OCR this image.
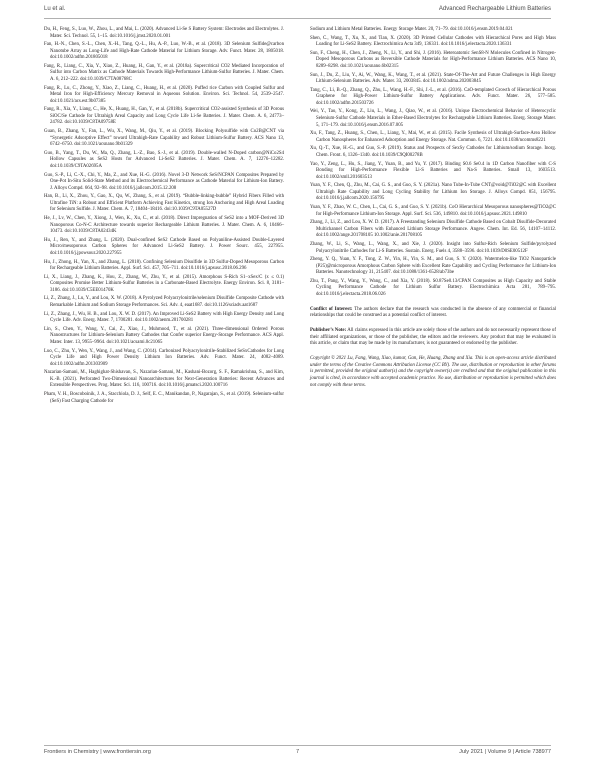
Lu et al.	Advanced Rechargeable Lithium Batteries

Du, H., Feng, S., Luo, W., Zhou, L., and Mai, L. (2020). Advanced Li-Se S Battery System: Electrodes and Electrolytes. J. Mater. Sci. Technol. 55, 1–15. doi:10.1016/j.jmst.2020.01.001

Fan, H.-N., Chen, S.-L., Chen, X.-H., Tang, Q.-L., Hu, A.-P., Luo, W.-B., et al. (2018). 3D Selenium Sulfide@carbon Nanotube Array as Long-Life and High-Rate Cathode Material for Lithium Storage. Adv. Funct. Mater. 28, 1805018. doi:10.1002/adfm.201805018

Fang, R., Liang, C., Xia, Y., Xiao, Z., Huang, H., Gan, Y., et al. (2018a). Supercritical CO2 Mediated Incorporation of Sulfur into Carbon Matrix as Cathode Materials Towards High-Performance Lithium-Sulfur Batteries. J. Mater. Chem. A. 6, 212–222. doi:10.1039/C7TA08768C

Fang, R., Lu, C., Zhong, Y., Xiao, Z., Liang, C., Huang, H., et al. (2020). Puffed rice Carbon with Coupled Sulfur and Metal Iron for High-Efficiency Mercury Removal in Aqueous Solution. Environ. Sci. Technol. 54, 2539–2547. doi:10.1021/acs.est.9b07385

Fang, R., Xia, Y., Liang, C., He, X., Huang, H., Gan, Y., et al. (2018b). Supercritical CO2-assisted Synthesis of 3D Porous SiOC/Se Cathode for Ultrahigh Areal Capacity and Long Cycle Life Li-Se Batteries. J. Mater. Chem. A. 6, 24773–24782. doi:10.1039/C8TA09758E

Guan, B., Zhang, Y., Fan, L., Wu, X., Wang, M., Qiu, Y., et al. (2019). Blocking Polysulfide with Co2B@CNT via “Synergetic Adsorptive Effect” toward Ultrahigh-Rate Capability and Robust Lithium-Sulfur Battery. ACS Nano 13, 6742–6750. doi:10.1021/acsnano.9b01329

Guo, B., Yang, T., Du, W., Ma, Q., Zhang, L.-Z., Bao, S.-J., et al. (2019). Double-walled N-Doped carbon@NiCo2S4 Hollow Capsules as SeS2 Hosts for Advanced Li-SeS2 Batteries. J. Mater. Chem. A. 7, 12276–12282. doi:10.1039/C9TA02695A

Guo, S.-P., Li, C.-X., Chi, Y., Ma, Z., and Xue, H.-G. (2016). Novel 3-D Network SeS/NCPAN Composites Prepared by One-Pot In-Situ Solid-State Method and its Electrochemical Performance as Cathode Material for Lithium-Ion Battery. J. Alloys Compd. 664, 92–98. doi:10.1016/j.jallcom.2015.12.208

Han, B., Li, X., Zhou, Y., Gao, X., Qu, W., Zhang, S., et al. (2019). “Bubble-linking-bubble” Hybrid Fibers Filled with Ultrafine TiN: a Robust and Efficient Platform Achieving Fast Kinetics, strong Ion Anchoring and High Areal Loading for Selenium Sulfide. J. Mater. Chem. A. 7, 18404–18416. doi:10.1039/C9TA05527D

He, J., Lv, W., Chen, Y., Xiong, J., Wen, K., Xu, C., et al. (2018). Direct Impregnation of SeS2 into a MOF-Derived 3D Nanoporous Co-N-C Architecture towards superior Rechargeable Lithium Batteries. J. Mater. Chem. A. 6, 10466–10473. doi:10.1039/C8TA02434K

Hu, J., Ren, Y., and Zhang, L. (2020). Dual-confined SeS2 Cathode Based on Polyaniline-Assisted Double-Layered Micro/mesoporous Carbon Spheres for Advanced Li-SeS2 Battery. J. Power Sourc. 455, 227955. doi:10.1016/j.jpowsour.2020.227955

Hu, J., Zhong, H., Yan, X., and Zhang, L. (2018). Confining Selenium Disulfide in 3D Sulfur-Doped Mesoporous Carbon for Rechargeable Lithium Batteries. Appl. Surf. Sci. 457, 705–711. doi:10.1016/j.apsusc.2018.06.296

Li, X., Liang, J., Zhang, K., Hou, Z., Zhang, W., Zhu, Y., et al. (2015). Amorphous S-Rich S1−xSex/C (x ≤ 0.1) Composites Promise Better Lithium-Sulfur Batteries in a Carbonate-Based Electrolyte. Energy Environ. Sci. 8, 3181–3186. doi:10.1039/C5EE01470K

Li, Z., Zhang, J., Lu, Y., and Lou, X. W. (2018). A Pyrolyzed Polyacrylonitrile/selenium Disulfide Composite Cathode with Remarkable Lithium and Sodium Storage Performances. Sci. Adv. 4, eaat1687. doi:10.1126/sciadv.aat1687

Li, Z., Zhang, J., Wu, H. B., and Lou, X. W. D. (2017). An Improved Li-SeS2 Battery with High Energy Density and Long Cycle Life. Adv. Energ. Mater. 7, 1700281. doi:10.1002/aenm.201700281

Lin, S., Chen, Y., Wang, Y., Cai, Z., Xiao, J., Muhmood, T., et al. (2021). Three-dimensional Ordered Porous Nanostructures for Lithium-Selenium Battery Cathodes that Confer superior Energy-Storage Performance. ACS Appl. Mater. Inter. 13, 9955–9964. doi:10.1021/acsami.0c21065

Luo, C., Zhu, Y., Wen, Y., Wang, J., and Wang, C. (2014). Carbonized Polyacrylonitrile-Stabilized SeSxCathodes for Long Cycle Life and High Power Density Lithium Ion Batteries. Adv. Funct. Mater. 24, 4082–4089. doi:10.1002/adfm.201303909

Nazarian-Samani, M., Haghighat-Shishavan, S., Nazarian-Samani, M., Kashani-Bozorg, S. F., Ramakrishna, S., and Kim, K.-B. (2021). Perforated Two-Dimensional Nanoarchitectures for Next-Generation Batteries: Recent Advances and Extensible Perspectives. Prog. Mater. Sci. 116, 100716. doi:10.1016/j.pmatsci.2020.100716

Pham, V. H., Boscoboinik, J. A., Stacchiola, D. J., Self, E. C., Manikandan, P., Nagarajan, S., et al. (2019). Selenium-sulfur (SeS) Fast Charging Cathode for

Sodium and Lithium Metal Batteries. Energy Storage Mater. 20, 71–79. doi:10.1016/j.ensm.2019.04.021

Shen, C., Wang, T., Xu, X., and Tian, X. (2020). 3D Printed Cellular Cathodes with Hierarchical Pores and High Mass Loading for Li-SeS2 Battery. Electrochimica Acta 349, 136331. doi:10.1016/j.electacta.2020.136331

Sun, F., Cheng, H., Chen, J., Zheng, N., Li, Y., and Shi, J. (2016). Heteroatomic SenS8-N Molecules Confined in Nitrogen-Doped Mesoporous Carbons as Reversible Cathode Materials for High-Performance Lithium Batteries. ACS Nano 10, 8289–8298. doi:10.1021/acsnano.6b02315

Sun, J., Du, Z., Liu, Y., Ai, W., Wang, K., Wang, T., et al. (2021). State-Of-The-Art and Future Challenges in High Energy Lithium-Selenium Batteries. Adv. Mater. 33, 2003845. doi:10.1002/adma.202003845

Tang, C., Li, B.-Q., Zhang, Q., Zhu, L., Wang, H.-F., Shi, J.-L., et al. (2016). CaO-templated Growth of Hierarchical Porous Graphene for High-Power Lithium-Sulfur Battery Applications. Adv. Funct. Mater. 26, 577–585. doi:10.1002/adfm.201503726

Wei, Y., Tao, Y., Kong, Z., Liu, L., Wang, J., Qiao, W., et al. (2016). Unique Electrochemical Behavior of Heterocyclic Selenium-Sulfur Cathode Materials in Ether-Based Electrolytes for Rechargeable Lithium Batteries. Energ. Storage Mater. 5, 171–179. doi:10.1016/j.ensm.2016.07.005

Xu, F., Tang, Z., Huang, S., Chen, L., Liang, Y., Mai, W., et al. (2015). Facile Synthesis of Ultrahigh-Surface-Area Hollow Carbon Nanospheres for Enhanced Adsorption and Energy Storage. Nat. Commun. 6, 7221. doi:10.1038/ncomms8221

Xu, Q.-T., Xue, H.-G., and Guo, S.-P. (2019). Status and Prospects of SexSy Cathodes for Lithium/sodium Storage. Inorg. Chem. Front. 6, 1326–1340. doi:10.1039/C9QI00278B

Yao, Y., Zeng, L., Hu, S., Jiang, Y., Yuan, B., and Yu, Y. (2017). Binding S0.6 Se0.4 in 1D Carbon Nanofiber with C-S Bonding for High-Performance Flexible Li-S Batteries and Na-S Batteries. Small 13, 1603513. doi:10.1002/smll.201603513

Yuan, Y. F., Chen, Q., Zhu, M., Cai, G. S., and Guo, S. Y. (2021a). Nano Tube-In-Tube CNT@void@TiO2@C with Excellent Ultrahigh Rate Capability and Long Cycling Stability for Lithium Ion Storage. J. Alloys Compd. 851, 156795. doi:10.1016/j.jallcom.2020.156795

Yuan, Y. F., Zhao, W. C., Chen, L., Cai, G. S., and Guo, S. Y. (2021b). CoO Hierarchical Mesoporous nanospheres@TiO2@C for High-Performance Lithium-Ion Storage. Appl. Surf. Sci. 536, 149810. doi:10.1016/j.apsusc.2021.149810

Zhang, J., Li, Z., and Lou, X. W. D. (2017). A Freestanding Selenium Disulfide Cathode Based on Cobalt Disulfide-Decorated Multichannel Carbon Fibers with Enhanced Lithium Storage Performance. Angew. Chem. Int. Ed. 56, 14107–14112. doi:10.1002/ange.201708105 10.1002/anie.201708105

Zhang, W., Li, S., Wang, L., Wang, X., and Xie, J. (2020). Insight into Sulfur-Rich Selenium Sulfide/pyrolyzed Polyacrylonitrile Cathodes for Li-S Batteries. Sustain. Energ. Fuels 4, 3588–3596. doi:10.1039/D0SE00512F

Zheng, Y. Q., Yuan, Y. F., Tong, Z. W., Yin, H., Yin, S. M., and Guo, S. Y. (2020). Watermelon-like TiO2 Nanoparticle (P25)@microporous Amorphous Carbon Sphere with Excellent Rate Capability and Cycling Performance for Lithium-Ion Batteries. Nanotechnology 31, 215407. doi:10.1088/1361-6528/ab73be

Zhu, T., Pang, Y., Wang, Y., Wang, C., and Xia, Y. (2018). S0.87Se0.13/CPAN Composites as High Capacity and Stable Cycling Performance Cathode for Lithium Sulfur Battery. Electrochimica Acta 281, 789–795. doi:10.1016/j.electacta.2018.06.026

Conflict of Interest: The authors declare that the research was conducted in the absence of any commercial or financial relationships that could be construed as a potential conflict of interest.

Publisher’s Note: All claims expressed in this article are solely those of the authors and do not necessarily represent those of their affiliated organizations, or those of the publisher, the editors and the reviewers. Any product that may be evaluated in this article, or claim that may be made by its manufacturer, is not guaranteed or endorsed by the publisher.

Copyright © 2021 Lu, Fang, Wang, Xiao, kumar, Gan, He, Huang, Zhang and Xia. This is an open-access article distributed under the terms of the Creative Commons Attribution License (CC BY). The use, distribution or reproduction in other forums is permitted, provided the original author(s) and the copyright owner(s) are credited and that the original publication in this journal is cited, in accordance with accepted academic practice. No use, distribution or reproduction is permitted which does not comply with these terms.

Frontiers in Chemistry | www.frontiersin.org	7	July 2021 | Volume 9 | Article 738977
